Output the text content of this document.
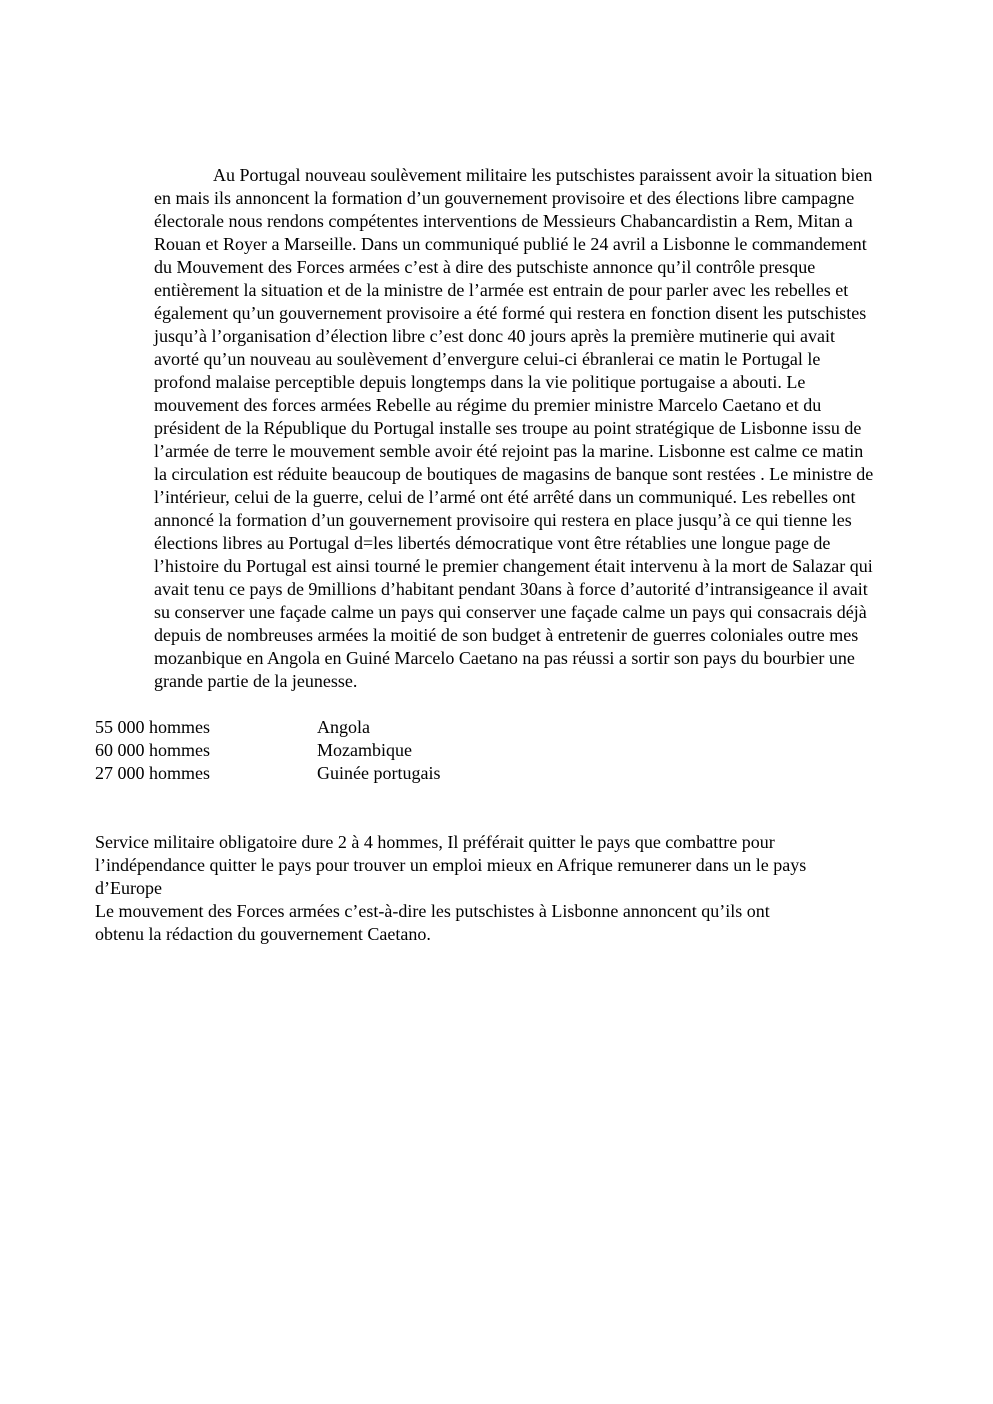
Au Portugal nouveau soulèvement militaire les putschistes paraissent avoir la situation bien
en mais ils annoncent la formation d’un gouvernement provisoire et des élections libre campagne
électorale nous rendons compétentes interventions de Messieurs Chabancardistin a Rem, Mitan a
Rouan et Royer a Marseille. Dans un communiqué publié le 24 avril a Lisbonne le commandement
du Mouvement des Forces armées c’est à dire des putschiste annonce qu’il contrôle presque
entièrement la situation et de la ministre de l’armée est entrain de pour parler avec les rebelles et
également qu’un gouvernement provisoire a été formé qui restera en fonction disent les putschistes
jusqu’à l’organisation d’élection libre c’est donc 40 jours après la première mutinerie qui avait
avorté qu’un nouveau au soulèvement d’envergure celui-ci ébranlerai ce matin le Portugal le
profond malaise perceptible depuis longtemps dans la vie politique portugaise a abouti. Le
mouvement des forces armées Rebelle au régime du premier ministre Marcelo Caetano et du
président de la République du Portugal installe ses troupe au point stratégique de Lisbonne issu de
l’armée de terre le mouvement semble avoir été rejoint pas la marine. Lisbonne est calme ce matin
la circulation est réduite beaucoup de boutiques de magasins de banque sont restées . Le ministre de
l’intérieur, celui de la guerre, celui de l’armé ont été arrêté dans un communiqué. Les rebelles ont
annoncé la formation d’un gouvernement provisoire qui restera en place jusqu’à ce qui tienne les
élections libres au Portugal d=les libertés démocratique vont être rétablies une longue page de
l’histoire du Portugal est ainsi tourné le premier changement était intervenu à la mort de Salazar qui
avait tenu ce pays de 9millions d’habitant pendant 30ans à force d’autorité d’intransigeance il avait
su conserver une façade calme un pays qui conserver une façade calme un pays qui consacrais déjà
depuis de nombreuses armées la moitié de son budget à entretenir de guerres coloniales outre mes
mozanbique en Angola en Guiné Marcelo Caetano na pas réussi a sortir son pays du bourbier une
grande partie de la jeunesse.
55 000 hommes	Angola
60 000 hommes	Mozambique
27 000 hommes	Guinée portugais
Service militaire obligatoire dure 2 à 4 hommes, Il préférait quitter le pays que combattre pour
l’indépendance quitter le pays pour trouver un emploi mieux en Afrique remunerer dans un le pays
d’Europe
Le mouvement des Forces armées c’est-à-dire les putschistes à Lisbonne annoncent qu’ils ont
obtenu la rédaction du gouvernement Caetano.
